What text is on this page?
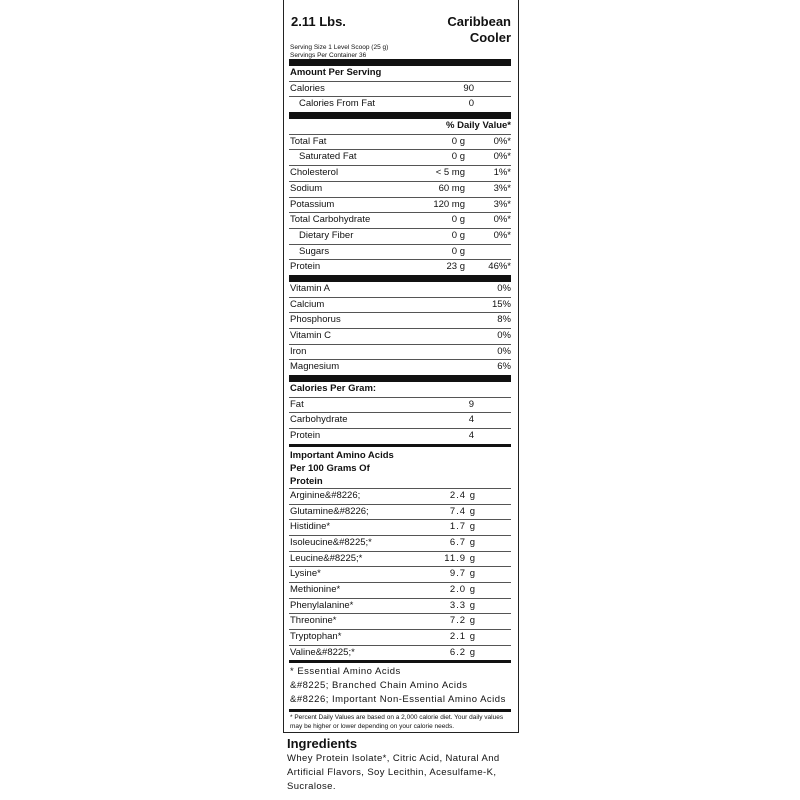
2.11 Lbs.	Caribbean Cooler
Serving Size 1 Level Scoop (25 g)
Servings Per Container 36
Amount Per Serving
Calories	90
Calories From Fat	0
% Daily Value*
Total Fat	0 g	0%*
Saturated Fat	0 g	0%*
Cholesterol	< 5 mg	1%*
Sodium	60 mg	3%*
Potassium	120 mg	3%*
Total Carbohydrate	0 g	0%*
Dietary Fiber	0 g	0%*
Sugars	0 g
Protein	23 g 46%*
Vitamin A	0%
Calcium	15%
Phosphorus	8%
Vitamin C	0%
Iron	0%
Magnesium	6%
Calories Per Gram:
Fat	9
Carbohydrate	4
Protein	4
Important Amino Acids
Per 100 Grams Of
Protein
Arginine&#8226;	2.4 g
Glutamine&#8226;	7.4 g
Histidine*	1.7 g
Isoleucine&#8225;*	6.7 g
Leucine&#8225;*	11.9 g
Lysine*	9.7 g
Methionine*	2.0 g
Phenylalanine*	3.3 g
Threonine*	7.2 g
Tryptophan*	2.1 g
Valine&#8225;*	6.2 g
* Essential Amino Acids
&#8225; Branched Chain Amino Acids
&#8226; Important Non-Essential Amino Acids
* Percent Daily Values are based on a 2,000 calorie diet. Your daily values may be higher or lower depending on your calorie needs.
Ingredients
Whey Protein Isolate*, Citric Acid, Natural And Artificial Flavors, Soy Lecithin, Acesulfame-K, Sucralose.
